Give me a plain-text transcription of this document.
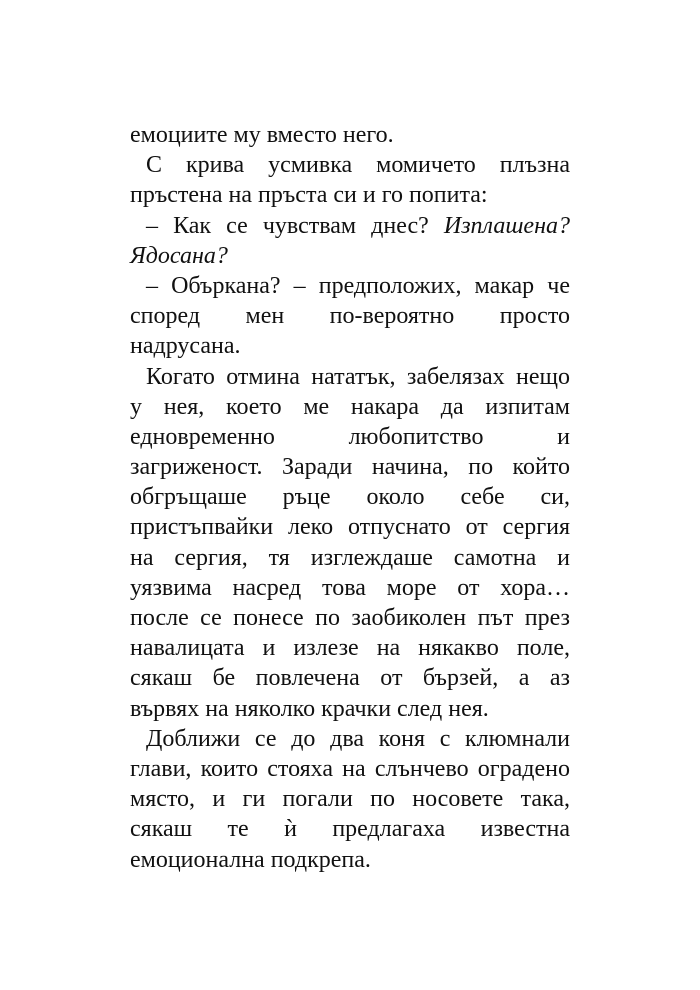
емоциите му вместо него.
С крива усмивка момичето плъзна
пръстена на пръста си и го попита:
– Как се чувствам днес? Изплашена?
Ядосана?
– Объркана? – предположих, макар че
според мен по-вероятно просто
надрусана.
Когато отмина нататък, забелязах нещо
у нея, което ме накара да изпитам
едновременно любопитство и
загриженост. Заради начина, по който
обгръщаше ръце около себе си,
пристъпвайки леко отпуснато от сергия
на сергия, тя изглеждаше самотна и
уязвима насред това море от хора…
после се понесе по заобиколен път през
навалицата и излезе на някакво поле,
сякаш бе повлечена от бързей, а аз
вървях на няколко крачки след нея.
Доближи се до два коня с клюмнали
глави, които стояха на слънчево оградено
място, и ги погали по носовете така,
сякаш те ѝ предлагаха известна
емоционална подкрепа.
